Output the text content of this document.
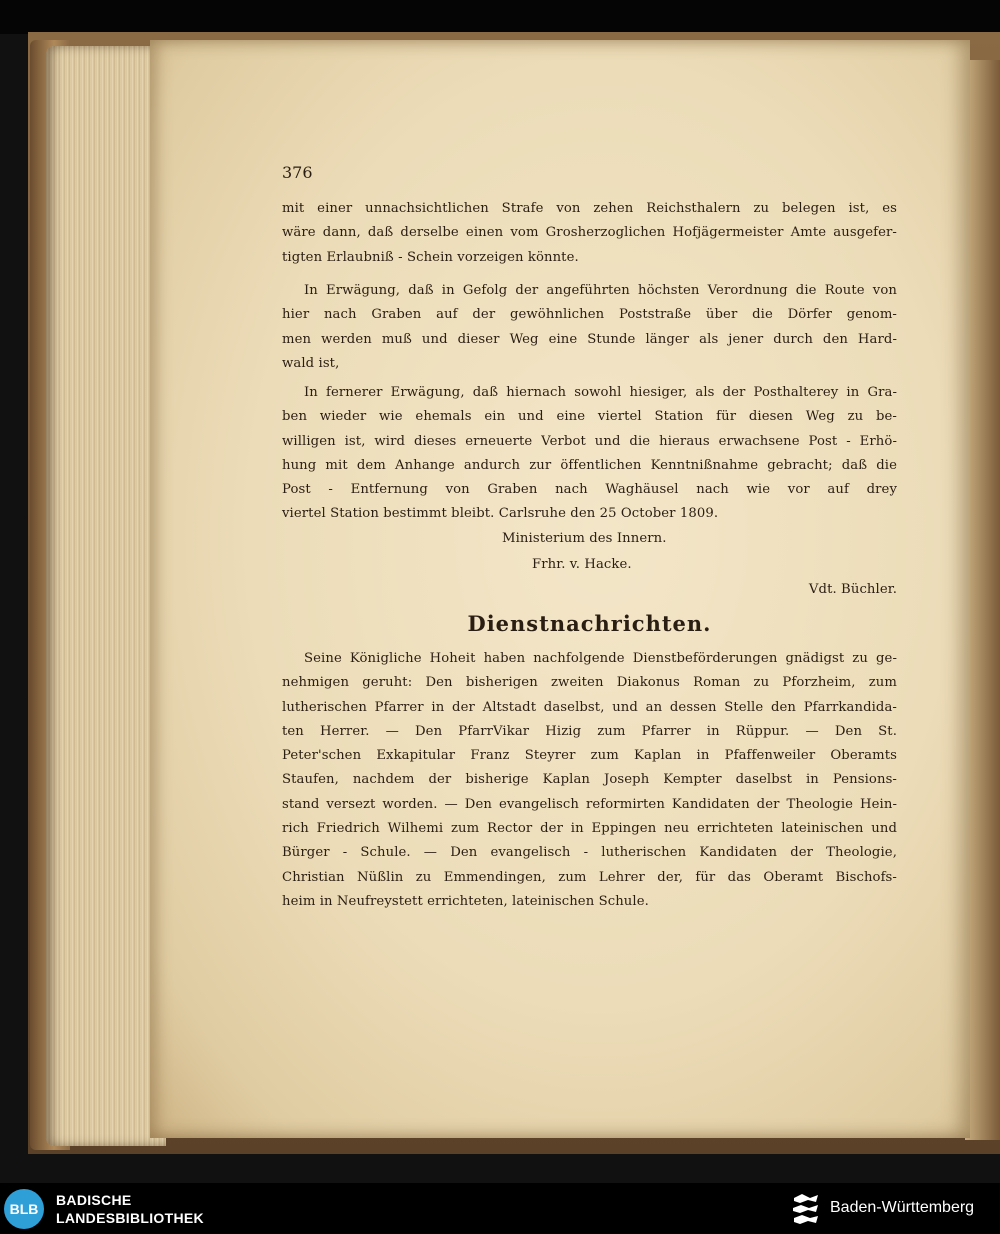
376
mit einer unnachsichtlichen Strafe von zehen Reichsthalern zu belegen ist, es
wäre dann, daß derselbe einen vom Grosherzoglichen Hofjägermeister Amte ausgefer-
tigten Erlaubniß - Schein vorzeigen könnte.
In Erwägung, daß in Gefolg der angeführten höchsten Verordnung die Route von
hier nach Graben auf der gewöhnlichen Poststraße über die Dörfer genom-
men werden muß und dieser Weg eine Stunde länger als jener durch den Hard-
wald ist,
In fernerer Erwägung, daß hiernach sowohl hiesiger, als der Posthalterey in Gra-
ben wieder wie ehemals ein und eine viertel Station für diesen Weg zu be-
willigen ist, wird dieses erneuerte Verbot und die hieraus erwachsene Post - Erhö-
hung mit dem Anhange andurch zur öffentlichen Kenntnißnahme gebracht; daß die
Post - Entfernung von Graben nach Waghäusel nach wie vor auf drey
viertel Station bestimmt bleibt. Carlsruhe den 25 October 1809.
Ministerium des Innern.
Frhr. v. Hacke.
Vdt. Büchler.
Dienstnachrichten.
Seine Königliche Hoheit haben nachfolgende Dienstbeförderungen gnädigst zu ge-
nehmigen geruht: Den bisherigen zweiten Diakonus Roman zu Pforzheim, zum
lutherischen Pfarrer in der Altstadt daselbst, und an dessen Stelle den Pfarrkandida-
ten Herrer. — Den PfarrVikar Hizig zum Pfarrer in Rüppur. — Den St.
Peter'schen Exkapitular Franz Steyrer zum Kaplan in Pfaffenweiler Oberamts
Staufen, nachdem der bisherige Kaplan Joseph Kempter daselbst in Pensions-
stand versezt worden. — Den evangelisch reformirten Kandidaten der Theologie Hein-
rich Friedrich Wilhemi zum Rector der in Eppingen neu errichteten lateinischen und
Bürger - Schule. — Den evangelisch - lutherischen Kandidaten der Theologie,
Christian Nüßlin zu Emmendingen, zum Lehrer der, für das Oberamt Bischofs-
heim in Neufreystett errichteten, lateinischen Schule.
BLB
BADISCHE
LANDESBIBLIOTHEK
Baden-Württemberg
